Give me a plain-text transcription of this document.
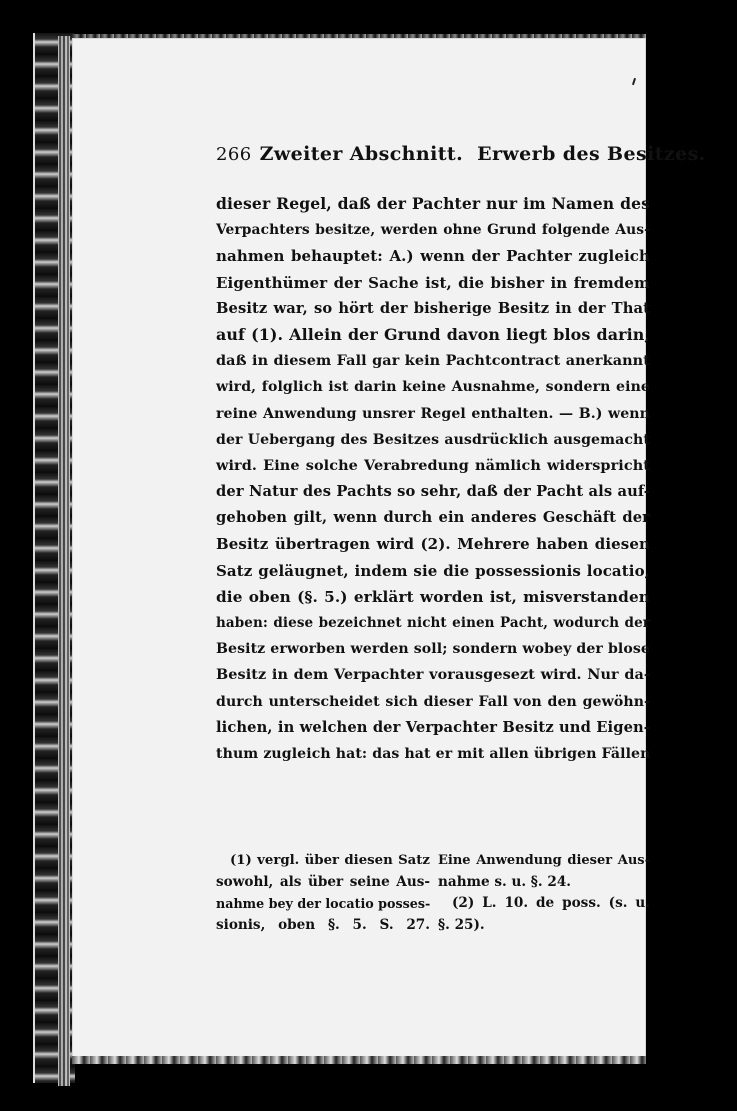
266 Zweiter Abschnitt.  Erwerb des Besitzes.
dieser Regel, daß der Pachter nur im Namen des
Verpachters besitze, werden ohne Grund folgende Aus-
nahmen behauptet: A.) wenn der Pachter zugleich
Eigenthümer der Sache ist, die bisher in fremdem
Besitz war, so hört der bisherige Besitz in der That
auf (1). Allein der Grund davon liegt blos darin,
daß in diesem Fall gar kein Pachtcontract anerkannt
wird, folglich ist darin keine Ausnahme, sondern eine
reine Anwendung unsrer Regel enthalten. — B.) wenn
der Uebergang des Besitzes ausdrücklich ausgemacht
wird. Eine solche Verabredung nämlich widerspricht
der Natur des Pachts so sehr, daß der Pacht als auf-
gehoben gilt, wenn durch ein anderes Geschäft der
Besitz übertragen wird (2). Mehrere haben diesen
Satz geläugnet, indem sie die possessionis locatio,
die oben (§. 5.) erklärt worden ist, misverstanden
haben: diese bezeichnet nicht einen Pacht, wodurch der
Besitz erworben werden soll; sondern wobey der blose
Besitz in dem Verpachter vorausgesezt wird. Nur da-
durch unterscheidet sich dieser Fall von den gewöhn-
lichen, in welchen der Verpachter Besitz und Eigen-
thum zugleich hat: das hat er mit allen übrigen Fällen
(1) vergl. über diesen Satz
sowohl, als über seine Aus-
nahme bey der locatio posses-
sionis, oben §. 5. S. 27.
Eine Anwendung dieser Aus-
nahme s. u. §. 24.
(2) L. 10. de poss. (s. u.
§. 25).
